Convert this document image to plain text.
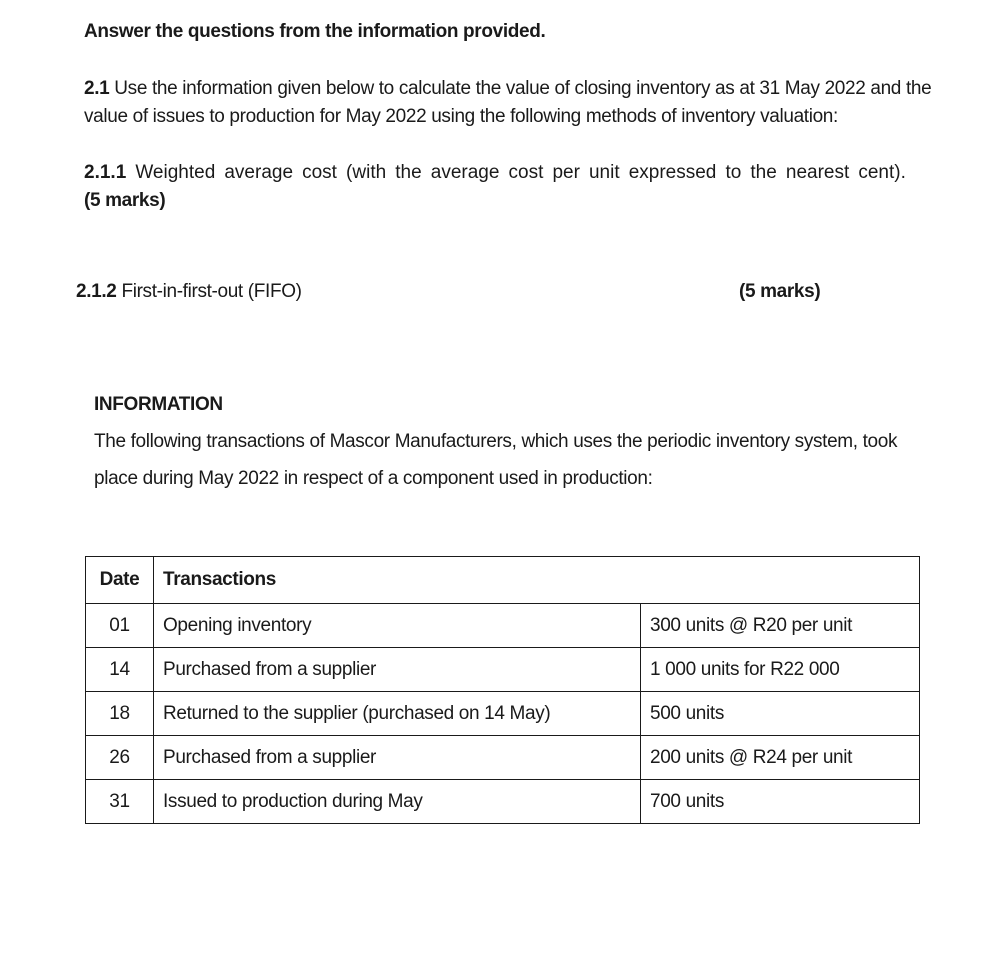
Answer the questions from the information provided.
2.1 Use the information given below to calculate the value of closing inventory as at 31 May 2022 and the
value of issues to production for May 2022 using the following methods of inventory valuation:
2.1.1 Weighted average cost (with the average cost per unit expressed to the nearest cent).
(5 marks)
2.1.2 First-in-first-out (FIFO)	(5 marks)
INFORMATION
The following transactions of Mascor Manufacturers, which uses the periodic inventory system, took
place during May 2022 in respect of a component used in production:
Date	Transactions	
01	Opening inventory	300 units @ R20 per unit
14	Purchased from a supplier	1 000 units for R22 000
18	Returned to the supplier (purchased on 14 May)	500 units
26	Purchased from a supplier	200 units @ R24 per unit
31	Issued to production during May	700 units
